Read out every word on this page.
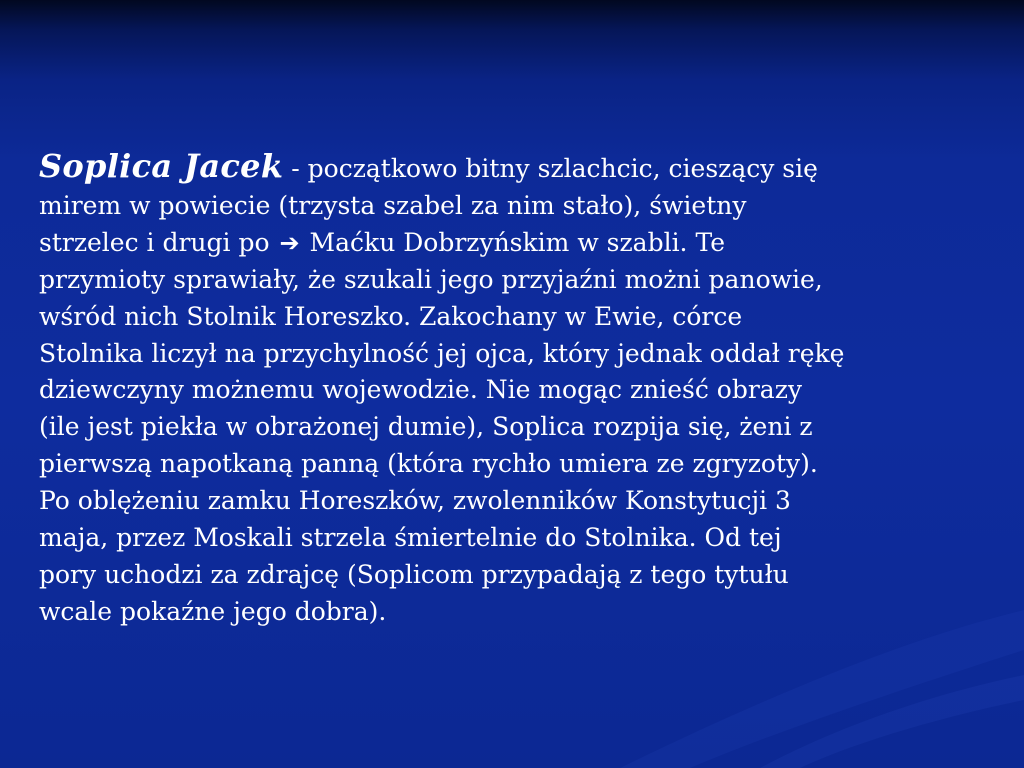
Soplica Jacek - początkowo bitny szlachcic, cieszący się
mirem w powiecie (trzysta szabel za nim stało), świetny
strzelec i drugi po ➔ Maćku Dobrzyńskim w szabli. Te
przymioty sprawiały, że szukali jego przyjaźni możni panowie,
wśród nich Stolnik Horeszko. Zakochany w Ewie, córce
Stolnika liczył na przychylność jej ojca, który jednak oddał rękę
dziewczyny możnemu wojewodzie. Nie mogąc znieść obrazy
(ile jest piekła w obrażonej dumie), Soplica rozpija się, żeni z
pierwszą napotkaną panną (która rychło umiera ze zgryzoty).
Po oblężeniu zamku Horeszków, zwolenników Konstytucji 3
maja, przez Moskali strzela śmiertelnie do Stolnika. Od tej
pory uchodzi za zdrajcę (Soplicom przypadają z tego tytułu
wcale pokaźne jego dobra).
